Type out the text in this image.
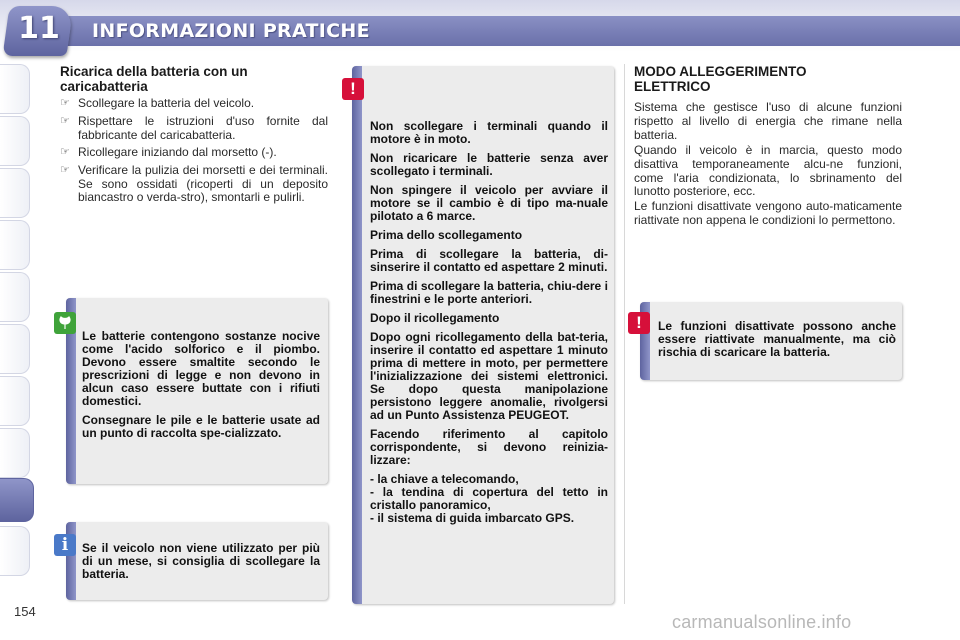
INFORMAZIONI PRATICHE
11
Ricarica della batteria con un
caricabatteria
☞ Scollegare la batteria del veicolo.
☞ Rispettare le istruzioni d'uso fornite dal fabbricante del caricabatteria.
☞ Ricollegare iniziando dal morsetto (-).
☞ Verificare la pulizia dei morsetti e dei terminali. Se sono ossidati (ricoperti di un deposito biancastro o verda-stro), smontarli e pulirli.

Le batterie contengono sostanze nocive come l'acido solforico e il piombo. Devono essere smaltite secondo le prescrizioni di legge e non devono in alcun caso essere buttate con i rifiuti domestici.

Consegnare le pile e le batterie usate ad un punto di raccolta spe-cializzato.

Se il veicolo non viene utilizzato per più di un mese, si consiglia di scollegare la batteria.
i

Non scollegare i terminali quando il motore è in moto.

Non ricaricare le batterie senza aver scollegato i terminali.

Non spingere il veicolo per avviare il motore se il cambio è di tipo ma-nuale pilotato a 6 marce.

Prima dello scollegamento

Prima di scollegare la batteria, di-sinserire il contatto ed aspettare 2 minuti.

Prima di scollegare la batteria, chiu-dere i finestrini e le porte anteriori.

Dopo il ricollegamento

Dopo ogni ricollegamento della bat-teria, inserire il contatto ed aspettare 1 minuto prima di mettere in moto, per permettere l'inizializzazione dei sistemi elettronici. Se dopo questa manipolazione persistono leggere anomalie, rivolgersi ad un Punto Assistenza PEUGEOT.

Facendo riferimento al capitolo corrispondente, si devono reinizia-lizzare:

- la chiave a telecomando,
- la tendina di copertura del tetto in cristallo panoramico,
- il sistema di guida imbarcato GPS.
!
MODO ALLEGGERIMENTO
ELETTRICO
Sistema che gestisce l'uso di alcune funzioni rispetto al livello di energia che rimane nella batteria.
Quando il veicolo è in marcia, questo modo disattiva temporaneamente alcu-ne funzioni, come l'aria condizionata, lo sbrinamento del lunotto posteriore, ecc.
Le funzioni disattivate vengono auto-maticamente riattivate non appena le condizioni lo permettono.
Le funzioni disattivate possono anche essere riattivate manualmente, ma ciò rischia di scaricare la batteria.
!
154
carmanualsonline.info
